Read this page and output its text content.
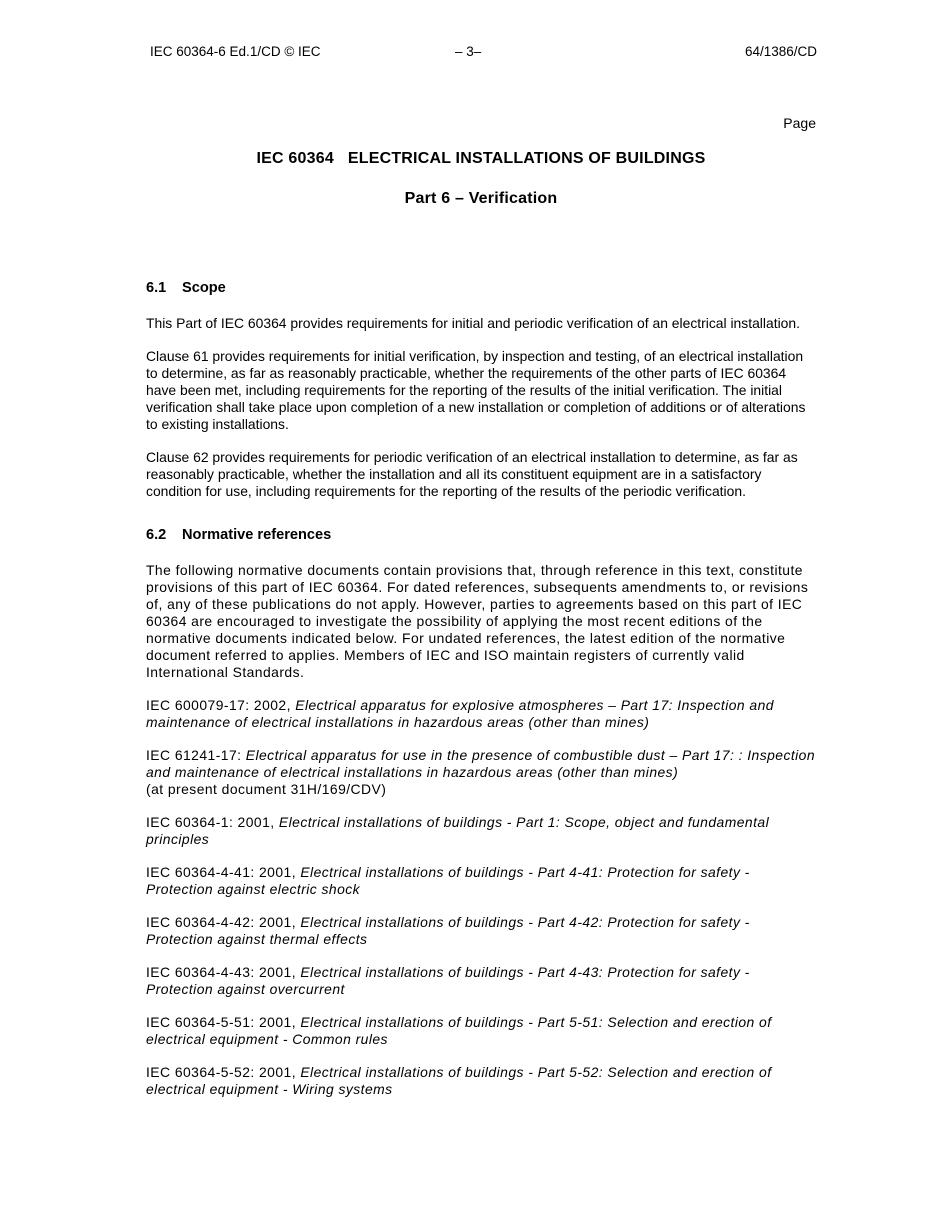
IEC 60364-6 Ed.1/CD © IEC	– 3–	64/1386/CD
Page
IEC 60364   ELECTRICAL INSTALLATIONS OF BUILDINGS
Part 6 – Verification
6.1 Scope

This Part of IEC 60364 provides requirements for initial and periodic verification of an electrical installation.

Clause 61 provides requirements for initial verification, by inspection and testing, of an electrical installation to determine, as far as reasonably practicable, whether the requirements of the other parts of IEC 60364 have been met, including requirements for the reporting of the results of the initial verification. The initial verification shall take place upon completion of a new installation or completion of additions or of alterations to existing installations.

Clause 62 provides requirements for periodic verification of an electrical installation to determine, as far as reasonably practicable, whether the installation and all its constituent equipment are in a satisfactory condition for use, including requirements for the reporting of the results of the periodic verification.

6.2 Normative references

The following normative documents contain provisions that, through reference in this text, constitute provisions of this part of IEC 60364. For dated references, subsequents amendments to, or revisions of, any of these publications do not apply. However, parties to agreements based on this part of IEC 60364 are encouraged to investigate the possibility of applying the most recent editions of the normative documents indicated below. For undated references, the latest edition of the normative document referred to applies. Members of IEC and ISO maintain registers of currently valid International Standards.

IEC 600079-17: 2002, Electrical apparatus for explosive atmospheres – Part 17: Inspection and maintenance of electrical installations in hazardous areas (other than mines)

IEC 61241-17: Electrical apparatus for use in the presence of combustible dust – Part 17: : Inspection and maintenance of electrical installations in hazardous areas (other than mines)
(at present document 31H/169/CDV)

IEC 60364-1: 2001, Electrical installations of buildings - Part 1: Scope, object and fundamental principles

IEC 60364-4-41: 2001, Electrical installations of buildings - Part 4-41: Protection for safety - Protection against electric shock

IEC 60364-4-42: 2001, Electrical installations of buildings - Part 4-42: Protection for safety - Protection against thermal effects

IEC 60364-4-43: 2001, Electrical installations of buildings - Part 4-43: Protection for safety - Protection against overcurrent

IEC 60364-5-51: 2001, Electrical installations of buildings - Part 5-51: Selection and erection of electrical equipment - Common rules

IEC 60364-5-52: 2001, Electrical installations of buildings - Part 5-52: Selection and erection of electrical equipment - Wiring systems
